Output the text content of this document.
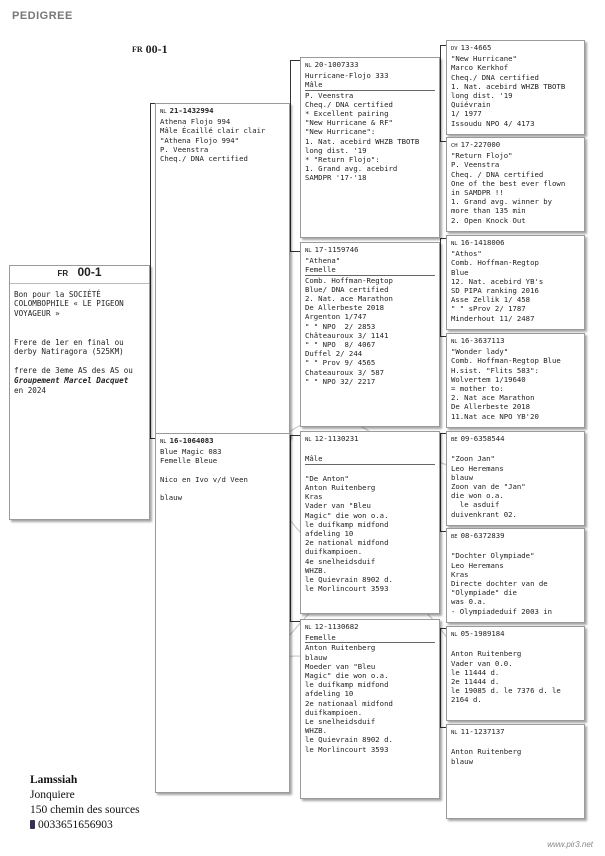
PEDIGREE
FR 00-1
FR 00-1
Bon pour la SOCIÉTÉ
COLOMBOPHILE « LE PIGEON
VOYAGEUR »

Frere de 1er en final ou
derby Natiragora (525KM)

frere de 3eme AS des AS ou
Groupement Marcel Dacquet
en 2024
NL 21-1432994
Athena Flojo 994
Mâle Écaillé clair clair
"Athena Flojo 994"
P. Veenstra
Cheq./ DNA certified
NL 16-1064083
Blue Magic 083
Femelle Bleue

Nico en Ivo v/d Veen

blauw
NL 20-1007333
Hurricane-Flojo 333
Mâle
P. Veenstra
Cheq./ DNA certified
* Excellent pairing
"New Hurricane & RF"
"New Hurricane":
1. Nat. acebird WHZB TBOTB
long dist. '19
* "Return Flojo":
1. Grand avg. acebird
SAMDPR '17-'18
NL 17-1159746
"Athena"
Femelle
Comb. Hoffman-Regtop
Blue/ DNA certified
2. Nat. ace Marathon
De Allerbeste 2018
Argenton 1/747
" " NPO  2/ 2853
Châteauroux 3/ 1141
" " NPO  8/ 4067
Duffel 2/ 244
" " Prov 9/ 4565
Chateauroux 3/ 587
" " NPO 32/ 2217
NL 12-1130231

Mâle

"De Anton"
Anton Ruitenberg
Kras
Vader van "Bleu
Magic" die won o.a.
le duifkamp midfond
afdeling 10
2e national midfond
duifkampioen.
4e snelheidsduif
WHZB.
le Quievrain 8902 d.
le Morlincourt 3593
NL 12-1130682
Femelle
Anton Ruitenberg
blauw
Moeder van "Bleu
Magic" die won o.a.
le duifkamp midfond
afdeling 10
2e nationaal midfond
duifkampioen.
Le snelheidsduif
WHZB.
le Quievrain 8902 d.
le Morlincourt 3593
DV 13-4665
"New Hurricane"
Marco Kerkhof
Cheq./ DNA certified
1. Nat. acebird WHZB TBOTB
long dist. '19
Quiévrain
1/ 1977
Issoudu NPO 4/ 4173
CH 17-227000
"Return Flojo"
P. Veenstra
Cheq. / DNA certified
One of the best ever flown
in SAMDPR !!
1. Grand avg. winner by
more than 135 min
2. Open Knock Out
NL 16-1418006
"Athos"
Comb. Hoffman-Regtop
Blue
12. Nat. acebird YB's
SD PIPA ranking 2016
Asse Zellik 1/ 458
" " sProv 2/ 1787
Minderhout 11/ 2487
NL 16-3637113
"Wonder lady"
Comb. Hoffman-Regtop Blue
H.sist. "Flits 583":
Wolvertem 1/19640
= mother to:
2. Nat ace Marathon
De Allerbeste 2018
11.Nat ace NPO YB'20
BE 09-6358544

"Zoon Jan"
Leo Heremans
blauw
Zoon van de "Jan"
die won o.a.
le asduif
duivenkrant 02.
BE 08-6372839

"Dochter Olympiade"
Leo Heremans
Kras
Directe dochter van de
"Olympiade" die
was 0.a.
- Olympiadeduif 2003 in
NL 05-1989184

Anton Ruitenberg
Vader van 0.0.
le 11444 d.
2e 11444 d.
le 19085 d. le 7376 d. le
2164 d.
NL 11-1237137

Anton Ruitenberg
blauw
Lamssiah
Jonquiere
150 chemin des sources
0033651656903
www.pir3.net
